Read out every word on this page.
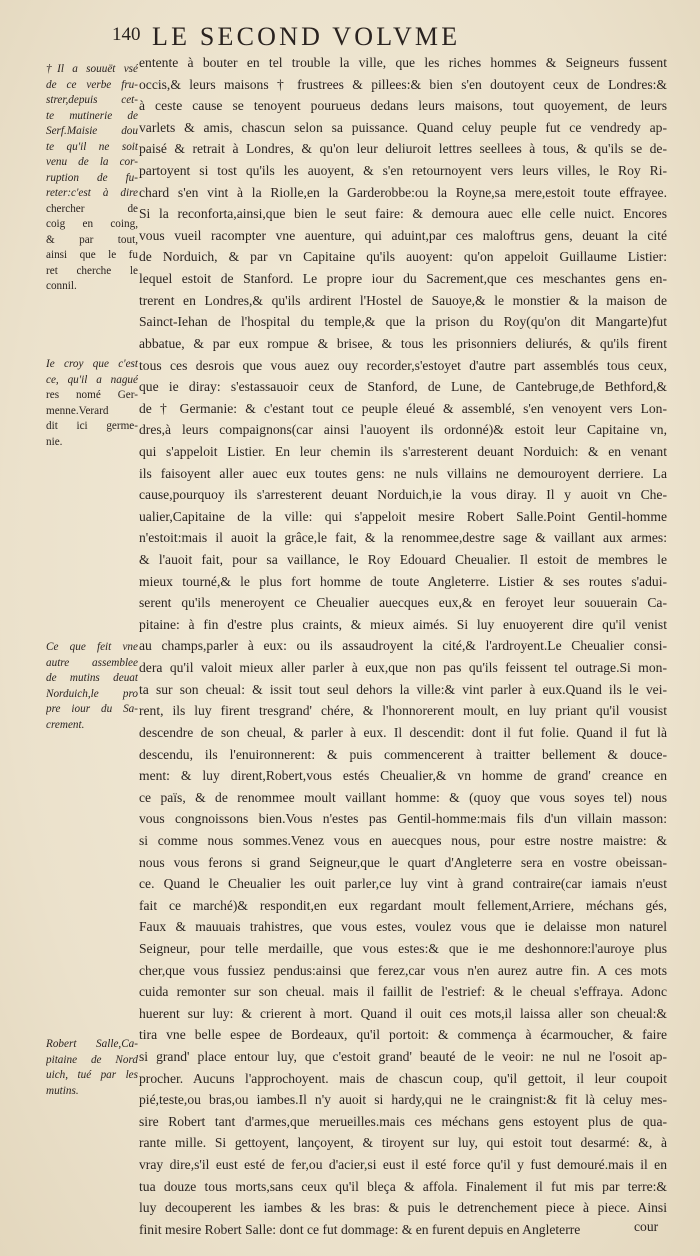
140 LE SECOND VOLVME
†Il a souuët vsé
de ce verbe fru-
strer,depuis cet-
te mutinerie de
Serf.Maisie dou
te qu'il ne soit
venu de la cor-
ruption de fu-
reter:c'est à dire
chercher de
coig en coing,
& par tout,
ainsi que le fu
ret cherche le
connil.
Ie croy que c'est
ce, qu'il a nagué
res nomé Ger-
menne.Verard
dit ici germe-
nie.
Ce que feit vne
autre assemblee
de mutins deuat
Norduich,le pro
pre iour du Sa-
crement.
Robert Salle,Ca-
pitaine de Nord
uich, tué par les
mutins.
entente à bouter en tel trouble la ville, que les riches hommes & Seigneurs fussent
occis,& leurs maisons † frustrees & pillees:& bien s'en doutoyent ceux de Londres:&
à ceste cause se tenoyent pourueus dedans leurs maisons, tout quoyement, de leurs
varlets & amis, chascun selon sa puissance. Quand celuy peuple fut ce vendredy ap-
paisé & retrait à Londres, & qu'on leur deliuroit lettres seellees à tous, & qu'ils se de-
partoyent si tost qu'ils les auoyent, & s'en retournoyent vers leurs villes, le Roy Ri-
chard s'en vint à la Riolle,en la Garderobbe:ou la Royne,sa mere,estoit toute effrayee.
Si la reconforta,ainsi,que bien le seut faire: & demoura auec elle celle nuict. Encores
vous vueil racompter vne auenture, qui aduint,par ces maloftrus gens, deuant la cité
de Norduich, & par vn Capitaine qu'ils auoyent: qu'on appeloit Guillaume Listier:
lequel estoit de Stanford. Le propre iour du Sacrement,que ces meschantes gens en-
trerent en Londres,& qu'ils ardirent l'Hostel de Sauoye,& le monstier & la maison de
Sainct-Iehan de l'hospital du temple,& que la prison du Roy(qu'on dit Mangarte)fut
abbatue, & par eux rompue & brisee, & tous les prisonniers deliurés, & qu'ils firent
tous ces desrois que vous auez ouy recorder,s'estoyet d'autre part assemblés tous ceux,
que ie diray: s'estassauoir ceux de Stanford, de Lune, de Cantebruge,de Bethford,&
de † Germanie: & c'estant tout ce peuple éleué & assemblé, s'en venoyent vers Lon-
dres,à leurs compaignons(car ainsi l'auoyent ils ordonné)& estoit leur Capitaine vn,
qui s'appeloit Listier. En leur chemin ils s'arresterent deuant Norduich: & en venant
ils faisoyent aller auec eux toutes gens: ne nuls villains ne demouroyent derriere. La
cause,pourquoy ils s'arresterent deuant Norduich,ie la vous diray. Il y auoit vn Che-
ualier,Capitaine de la ville: qui s'appeloit mesire Robert Salle.Point Gentil-homme
n'estoit:mais il auoit la grâce,le fait, & la renommee,destre sage & vaillant aux armes:
& l'auoit fait, pour sa vaillance, le Roy Edouard Cheualier. Il estoit de membres le
mieux tourné,& le plus fort homme de toute Angleterre. Listier & ses routes s'adui-
serent qu'ils meneroyent ce Cheualier auecques eux,& en feroyet leur souuerain Ca-
pitaine: à fin d'estre plus craints, & mieux aimés. Si luy enuoyerent dire qu'il venist
au champs,parler à eux: ou ils assaudroyent la cité,& l'ardroyent.Le Cheualier consi-
dera qu'il valoit mieux aller parler à eux,que non pas qu'ils feissent tel outrage.Si mon-
ta sur son cheual: & issit tout seul dehors la ville:& vint parler à eux.Quand ils le vei-
rent, ils luy firent tresgrand' chére, & l'honnorerent moult, en luy priant qu'il vousist
descendre de son cheual, & parler à eux. Il descendit: dont il fut folie. Quand il fut là
descendu, ils l'enuironnerent: & puis commencerent à traitter bellement & douce-
ment: & luy dirent,Robert,vous estés Cheualier,& vn homme de grand' creance en
ce païs, & de renommee moult vaillant homme: & (quoy que vous soyes tel) nous
vous congnoissons bien.Vous n'estes pas Gentil-homme:mais fils d'un villain masson:
si comme nous sommes.Venez vous en auecques nous, pour estre nostre maistre: &
nous vous ferons si grand Seigneur,que le quart d'Angleterre sera en vostre obeissan-
ce. Quand le Cheualier les ouit parler,ce luy vint à grand contraire(car iamais n'eust
fait ce marché)& respondit,en eux regardant moult fellement,Arriere, méchans gés,
Faux & mauuais trahistres, que vous estes, voulez vous que ie delaisse mon naturel
Seigneur, pour telle merdaille, que vous estes:& que ie me deshonnore:l'auroye plus
cher,que vous fussiez pendus:ainsi que ferez,car vous n'en aurez autre fin. A ces mots
cuida remonter sur son cheual. mais il faillit de l'estrief: & le cheual s'effraya. Adonc
huerent sur luy: & crierent à mort. Quand il ouit ces mots,il laissa aller son cheual:&
tira vne belle espee de Bordeaux, qu'il portoit: & commença à écarmoucher, & faire
si grand' place entour luy, que c'estoit grand' beauté de le veoir: ne nul ne l'osoit ap-
procher. Aucuns l'approchoyent. mais de chascun coup, qu'il gettoit, il leur coupoit
pié,teste,ou bras,ou iambes.Il n'y auoit si hardy,qui ne le craingnist:& fit là celuy mes-
sire Robert tant d'armes,que merueilles.mais ces méchans gens estoyent plus de qua-
rante mille. Si gettoyent, lançoyent, & tiroyent sur luy, qui estoit tout desarmé: &, à
vray dire,s'il eust esté de fer,ou d'acier,si eust il esté force qu'il y fust demouré.mais il en
tua douze tous morts,sans ceux qu'il bleça & affola. Finalement il fut mis par terre:&
luy decouperent les iambes & les bras: & puis le detrenchement piece à piece. Ainsi
finit mesire Robert Salle: dont ce fut dommage: & en furent depuis en Angleterre	cour
